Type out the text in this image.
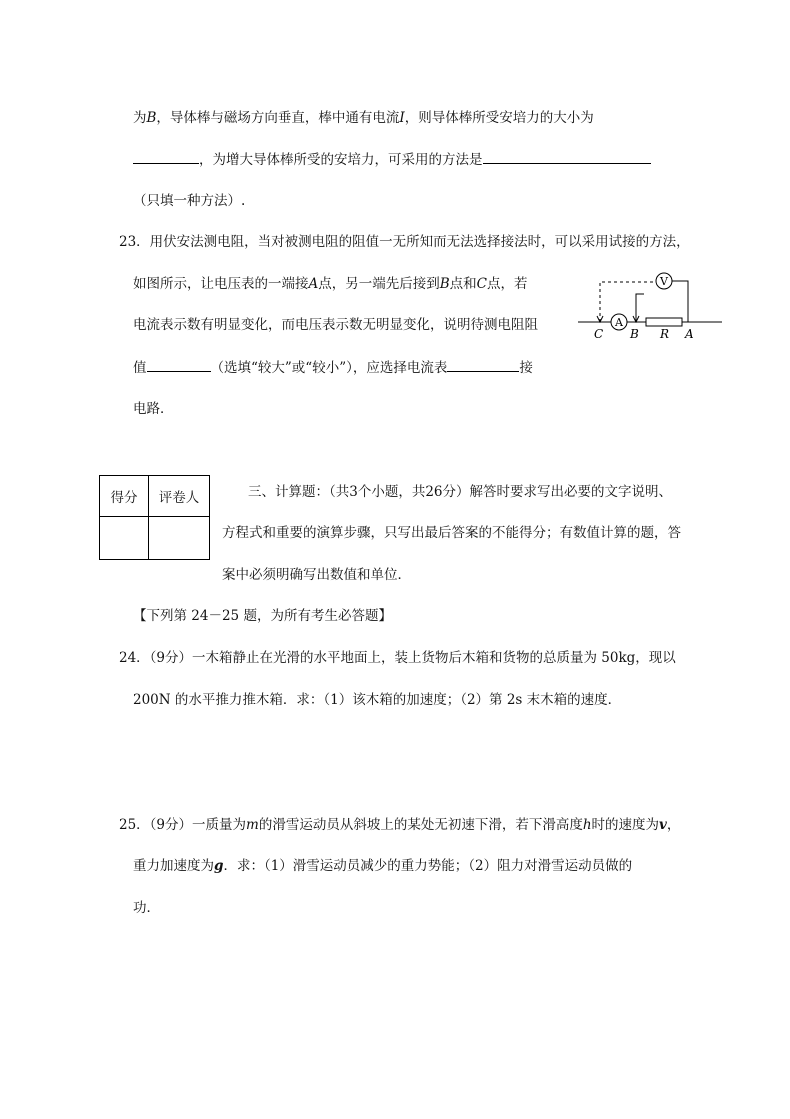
为B，导体棒与磁场方向垂直，棒中通有电流I，则导体棒所受安培力的大小为
，为增大导体棒所受的安培力，可采用的方法是
（只填一种方法）.
23．用伏安法测电阻，当对被测电阻的阻值一无所知而无法选择接法时，可以采用试接的方法，
如图所示，让电压表的一端接A点，另一端先后接到B点和C点，若
电流表示数有明显变化，而电压表示数无明显变化，说明待测电阻阻
值	（选填“较大”或“较小”），应选择电流表	接
电路．
V
A
C B R A
得分	评卷人
		三、计算题：（共3个小题，共26分）解答时要求写出必要的文字说明、
方程式和重要的演算步骤，只写出最后答案的不能得分；有数值计算的题，答
案中必须明确写出数值和单位．
【下列第 24－25 题，为所有考生必答题】
24．（9分）一木箱静止在光滑的水平地面上，装上货物后木箱和货物的总质量为 50kg，现以
200N 的水平推力推木箱．求：（1）该木箱的加速度；（2）第 2s 末木箱的速度．
25．（9分）一质量为m的滑雪运动员从斜坡上的某处无初速下滑，若下滑高度h时的速度为v，
重力加速度为g．求：（1）滑雪运动员减少的重力势能；（2）阻力对滑雪运动员做的
功．
